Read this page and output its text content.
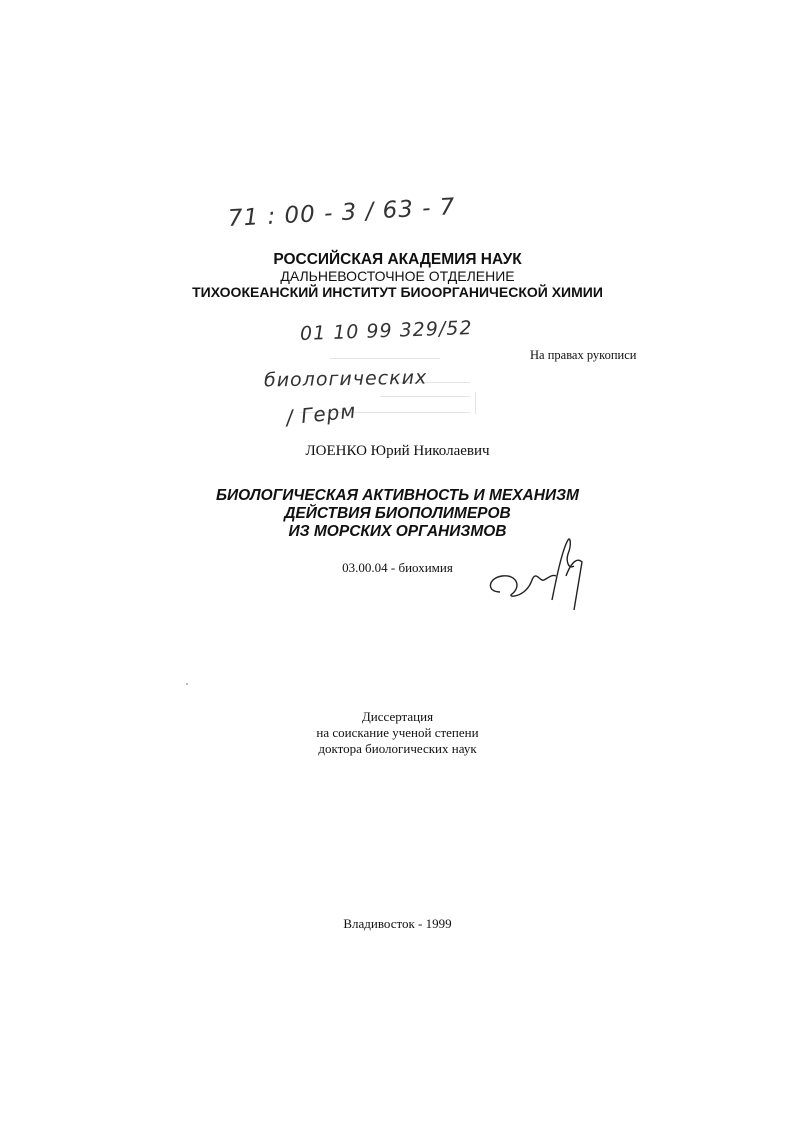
71 : 00 - 3 / 63 - 7
РОССИЙСКАЯ АКАДЕМИЯ НАУК
ДАЛЬНЕВОСТОЧНОЕ ОТДЕЛЕНИЕ
ТИХООКЕАНСКИЙ ИНСТИТУТ БИООРГАНИЧЕСКОЙ ХИМИИ
01 10 99 329/52
На правах рукописи
биологических
/ Герм
ЛОЕНКО Юрий Николаевич
БИОЛОГИЧЕСКАЯ АКТИВНОСТЬ И МЕХАНИЗМ
ДЕЙСТВИЯ БИОПОЛИМЕРОВ
ИЗ МОРСКИХ ОРГАНИЗМОВ
03.00.04 - биохимия
Диссертация
на соискание ученой степени
доктора биологических наук
Владивосток - 1999
